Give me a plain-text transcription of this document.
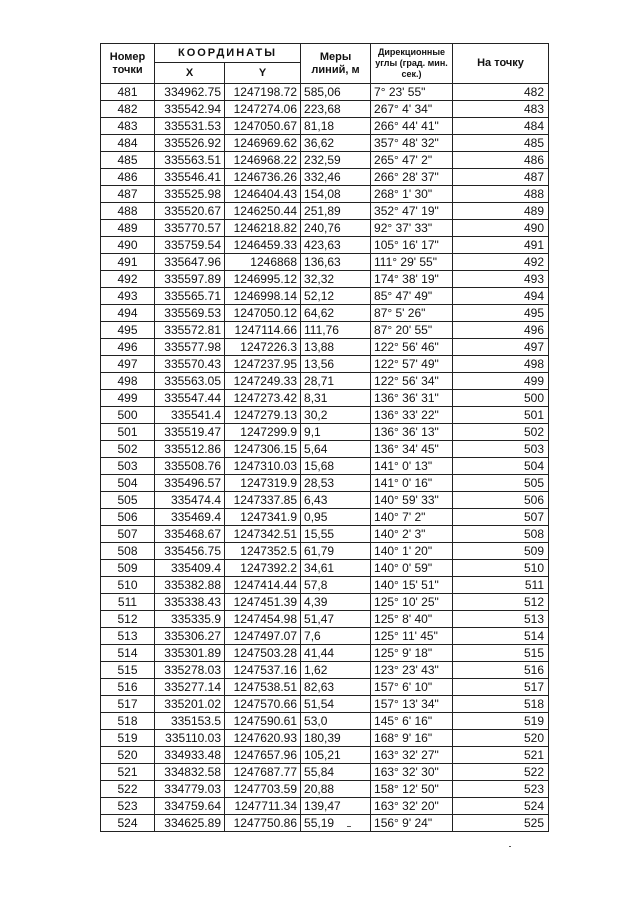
Номер точки	КООРДИНАТЫ		Меры линий, м	Дирекционные углы (град. мин. сек.)	На точку
	X	Y			
481	334962.75	1247198.72	585,06	7° 23' 55"	482
482	335542.94	1247274.06	223,68	267° 4' 34"	483
483	335531.53	1247050.67	81,18	266° 44' 41"	484
484	335526.92	1246969.62	36,62	357° 48' 32"	485
485	335563.51	1246968.22	232,59	265° 47' 2"	486
486	335546.41	1246736.26	332,46	266° 28' 37"	487
487	335525.98	1246404.43	154,08	268° 1' 30"	488
488	335520.67	1246250.44	251,89	352° 47' 19"	489
489	335770.57	1246218.82	240,76	92° 37' 33"	490
490	335759.54	1246459.33	423,63	105° 16' 17"	491
491	335647.96	1246868	136,63	111° 29' 55"	492
492	335597.89	1246995.12	32,32	174° 38' 19"	493
493	335565.71	1246998.14	52,12	85° 47' 49"	494
494	335569.53	1247050.12	64,62	87° 5' 26"	495
495	335572.81	1247114.66	111,76	87° 20' 55"	496
496	335577.98	1247226.3	13,88	122° 56' 46"	497
497	335570.43	1247237.95	13,56	122° 57' 49"	498
498	335563.05	1247249.33	28,71	122° 56' 34"	499
499	335547.44	1247273.42	8,31	136° 36' 31"	500
500	335541.4	1247279.13	30,2	136° 33' 22"	501
501	335519.47	1247299.9	9,1	136° 36' 13"	502
502	335512.86	1247306.15	5,64	136° 34' 45"	503
503	335508.76	1247310.03	15,68	141° 0' 13"	504
504	335496.57	1247319.9	28,53	141° 0' 16"	505
505	335474.4	1247337.85	6,43	140° 59' 33"	506
506	335469.4	1247341.9	0,95	140° 7' 2"	507
507	335468.67	1247342.51	15,55	140° 2' 3"	508
508	335456.75	1247352.5	61,79	140° 1' 20"	509
509	335409.4	1247392.2	34,61	140° 0' 59"	510
510	335382.88	1247414.44	57,8	140° 15' 51"	511
511	335338.43	1247451.39	4,39	125° 10' 25"	512
512	335335.9	1247454.98	51,47	125° 8' 40"	513
513	335306.27	1247497.07	7,6	125° 11' 45"	514
514	335301.89	1247503.28	41,44	125° 9' 18"	515
515	335278.03	1247537.16	1,62	123° 23' 43"	516
516	335277.14	1247538.51	82,63	157° 6' 10"	517
517	335201.02	1247570.66	51,54	157° 13' 34"	518
518	335153.5	1247590.61	53,0	145° 6' 16"	519
519	335110.03	1247620.93	180,39	168° 9' 16"	520
520	334933.48	1247657.96	105,21	163° 32' 27"	521
521	334832.58	1247687.77	55,84	163° 32' 30"	522
522	334779.03	1247703.59	20,88	158° 12' 50"	523
523	334759.64	1247711.34	139,47	163° 32' 20"	524
524	334625.89	1247750.86	55,19	156° 9' 24"	525
